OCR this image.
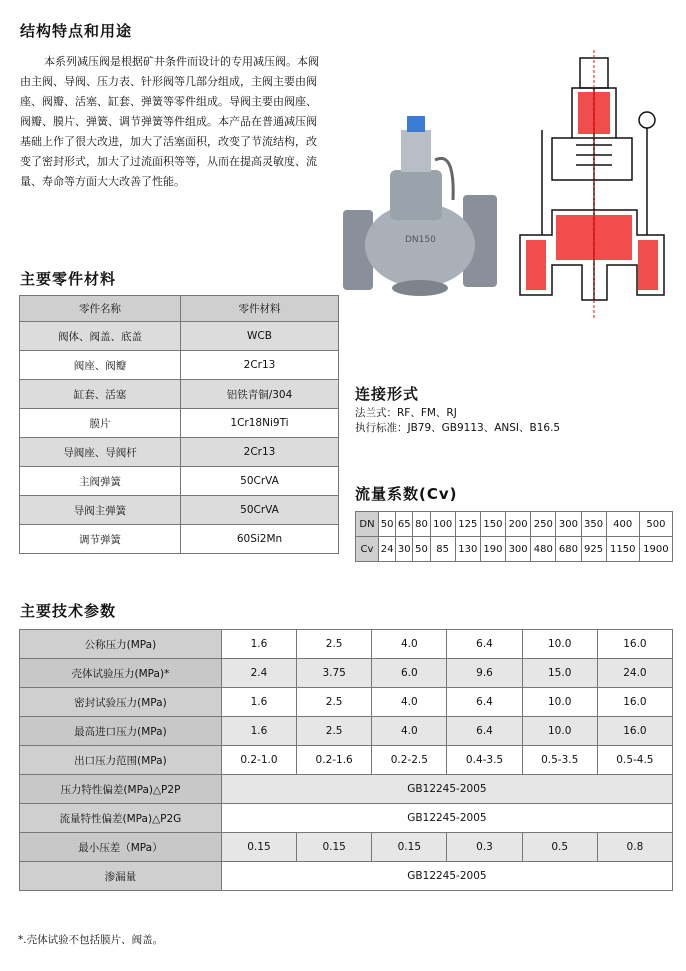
结构特点和用途
本系列减压阀是根据矿井条件而设计的专用减压阀。本阀由主阀、导阀、压力表、针形阀等几部分组成，主阀主要由阀座、阀瓣、活塞、缸套、弹簧等零件组成。导阀主要由阀座、阀瓣、膜片、弹簧、调节弹簧等件组成。本产品在普通减压阀基础上作了很大改进，加大了活塞面积，改变了节流结构，改变了密封形式，加大了过流面积等等，从而在提高灵敏度、流量、寿命等方面大大改善了性能。
DN150
主要零件材料
零件名称	零件材料
阀体、阀盖、底盖	WCB
阀座、阀瓣	2Cr13
缸套、活塞	铝铁青铜/304
膜片	1Cr18Ni9Ti
导阀座、导阀杆	2Cr13
主阀弹簧	50CrVA
导阀主弹簧	50CrVA
调节弹簧	60Si2Mn
连接形式
法兰式：RF、FM、RJ
执行标准：JB79、GB9113、ANSI、B16.5
流量系数(Cv)
DN	50	65	80	100	125	150	200	250	300	350	400	500
Cv	24	30	50	85	130	190	300	480	680	925	1150	1900
主要技术参数
公称压力(MPa)	1.6	2.5	4.0	6.4	10.0	16.0
壳体试验压力(MPa)*	2.4	3.75	6.0	9.6	15.0	24.0
密封试验压力(MPa)	1.6	2.5	4.0	6.4	10.0	16.0
最高进口压力(MPa)	1.6	2.5	4.0	6.4	10.0	16.0
出口压力范围(MPa)	0.2-1.0	0.2-1.6	0.2-2.5	0.4-3.5	0.5-3.5	0.5-4.5
压力特性偏差(MPa)△P2P	GB12245-2005					
流量特性偏差(MPa)△P2G	GB12245-2005					
最小压差（MPa）	0.15	0.15	0.15	0.3	0.5	0.8
渗漏量	GB12245-2005					
*.壳体试验不包括膜片、阀盖。
